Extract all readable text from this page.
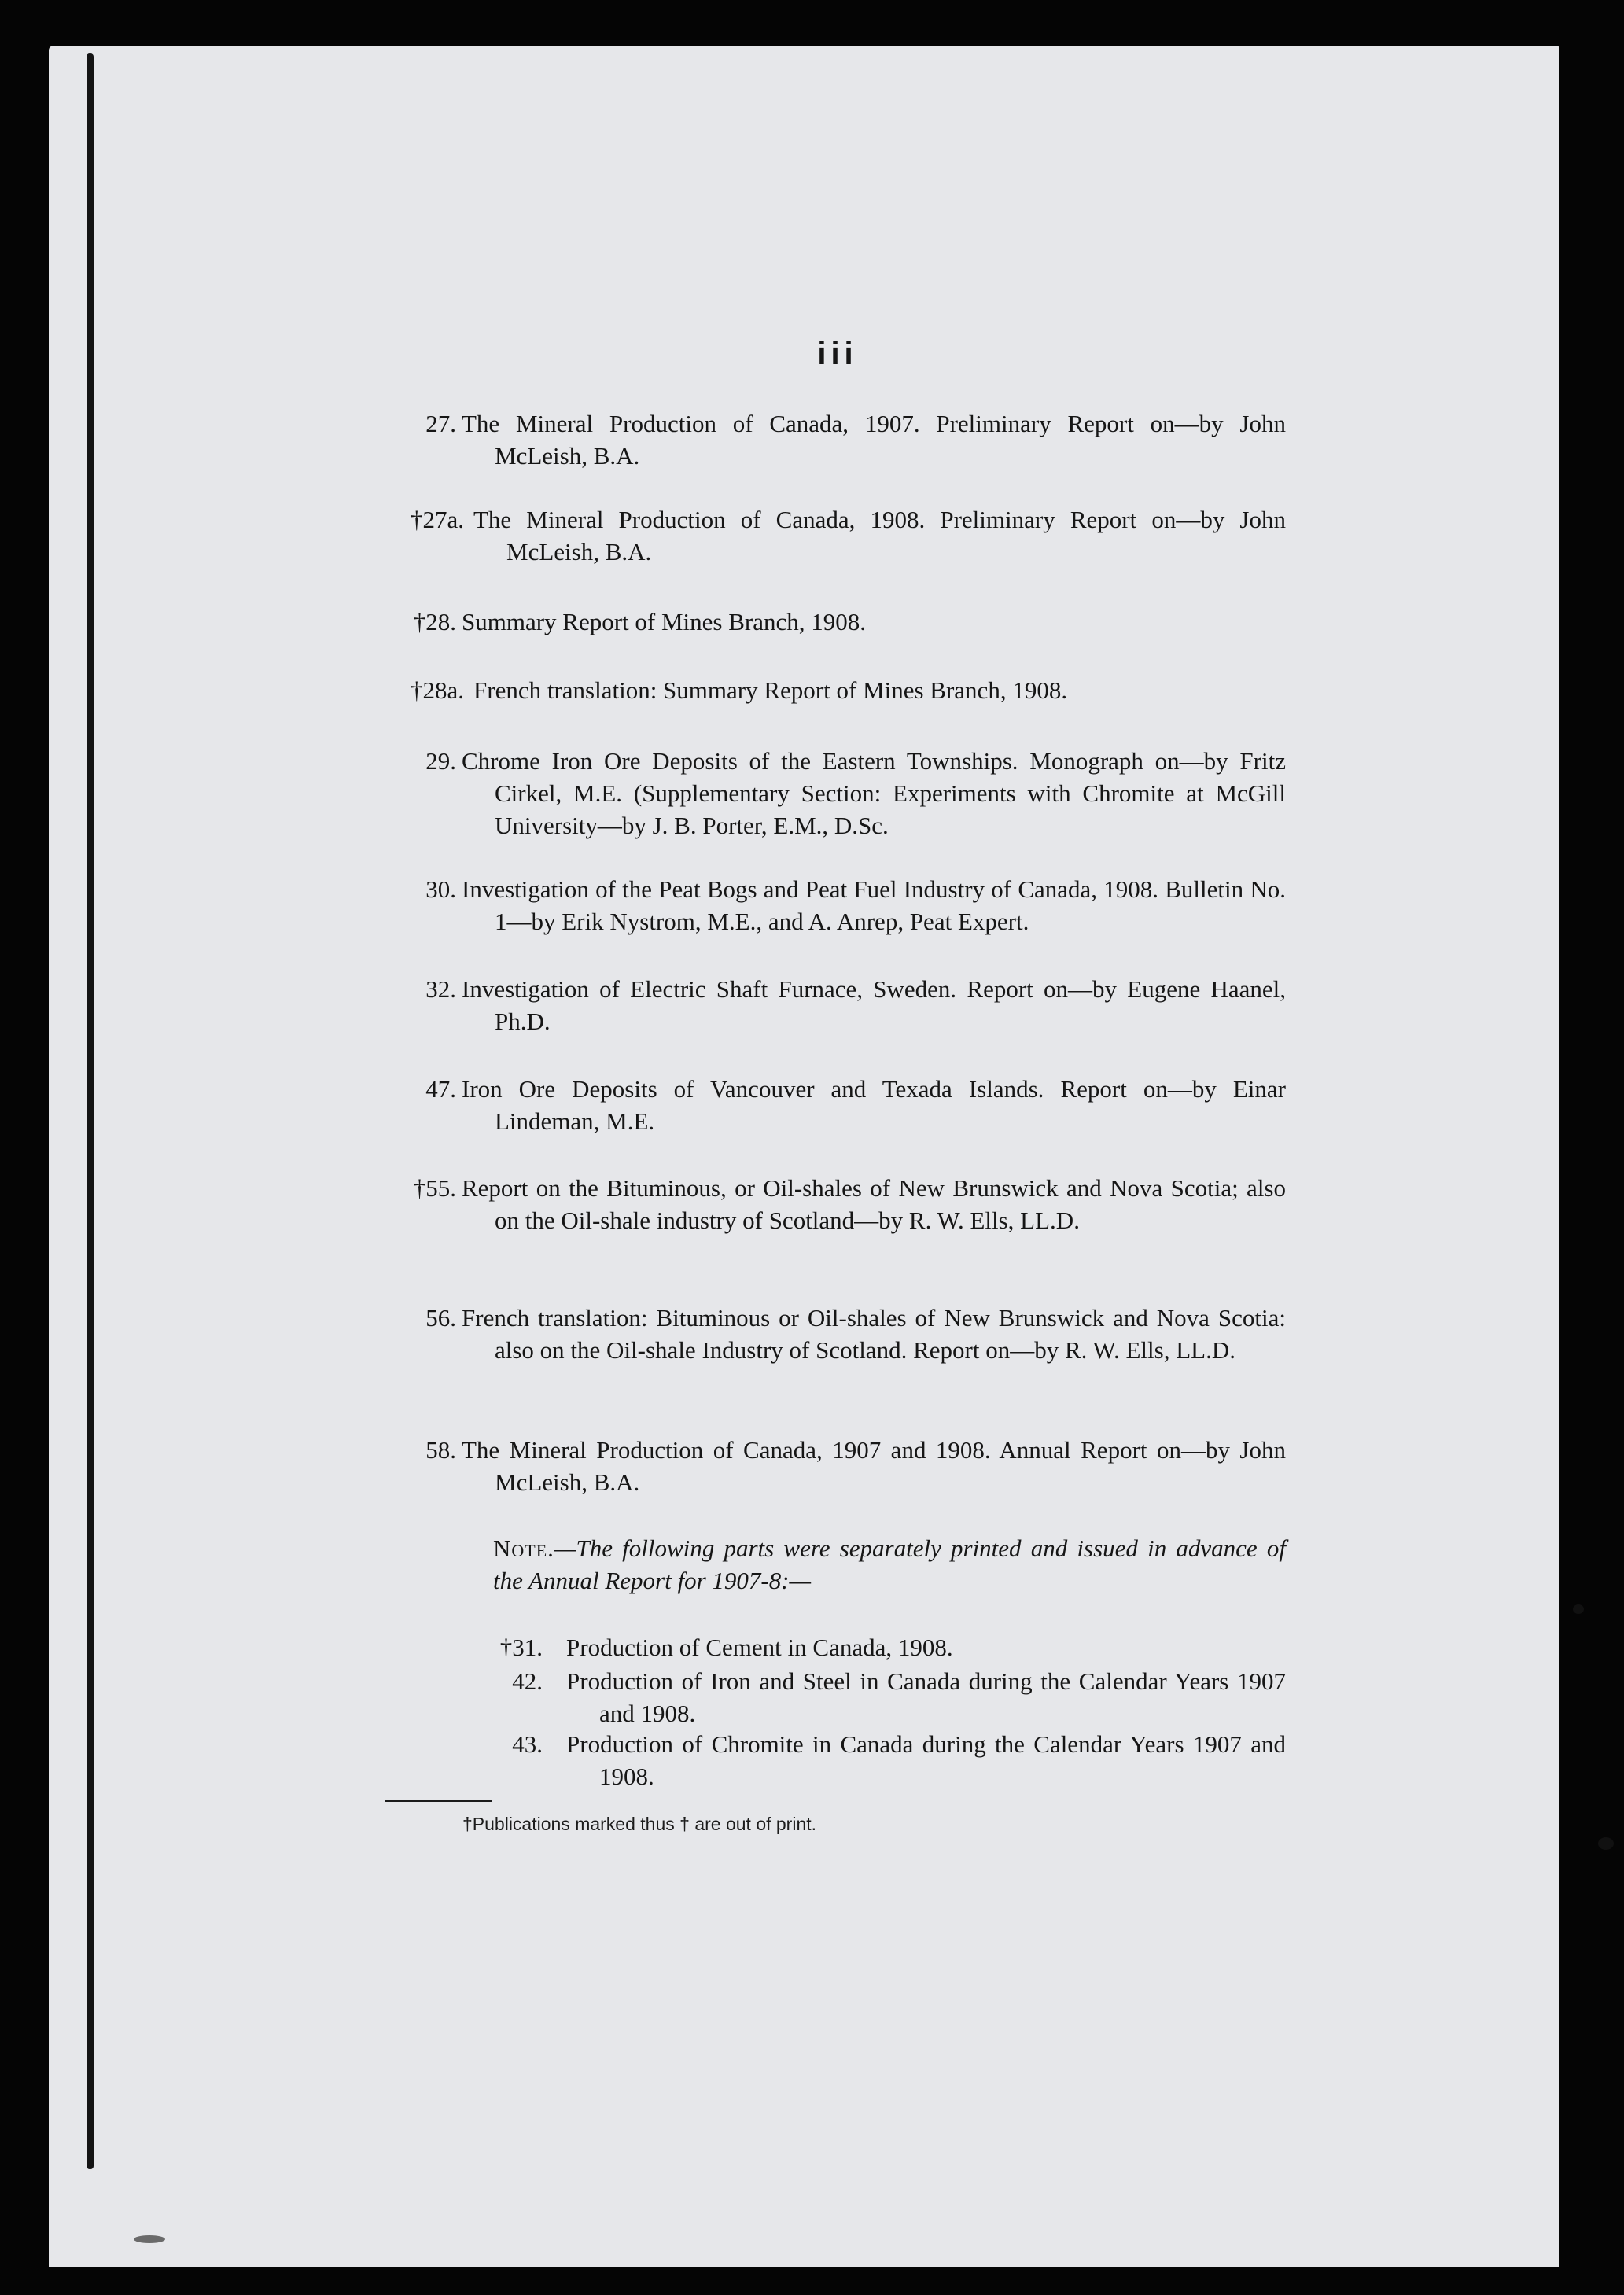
iii
27. The Mineral Production of Canada, 1907. Preliminary Report on—by John McLeish, B.A.
†27a. The Mineral Production of Canada, 1908. Preliminary Report on—by John McLeish, B.A.
†28. Summary Report of Mines Branch, 1908.
†28a. French translation: Summary Report of Mines Branch, 1908.
29. Chrome Iron Ore Deposits of the Eastern Townships. Monograph on—by Fritz Cirkel, M.E. (Supplementary Section: Experiments with Chromite at McGill University—by J. B. Porter, E.M., D.Sc.
30. Investigation of the Peat Bogs and Peat Fuel Industry of Canada, 1908. Bulletin No. 1—by Erik Nystrom, M.E., and A. Anrep, Peat Expert.
32. Investigation of Electric Shaft Furnace, Sweden. Report on—by Eugene Haanel, Ph.D.
47. Iron Ore Deposits of Vancouver and Texada Islands. Report on—by Einar Lindeman, M.E.
†55. Report on the Bituminous, or Oil-shales of New Brunswick and Nova Scotia; also on the Oil-shale industry of Scotland—by R. W. Ells, LL.D.
56. French translation: Bituminous or Oil-shales of New Brunswick and Nova Scotia: also on the Oil-shale Industry of Scotland. Report on—by R. W. Ells, LL.D.
58. The Mineral Production of Canada, 1907 and 1908. Annual Report on—by John McLeish, B.A.
Note.—The following parts were separately printed and issued in advance of the Annual Report for 1907-8:—
†31. Production of Cement in Canada, 1908.
42. Production of Iron and Steel in Canada during the Calendar Years 1907 and 1908.
43. Production of Chromite in Canada during the Calendar Years 1907 and 1908.
†Publications marked thus † are out of print.
